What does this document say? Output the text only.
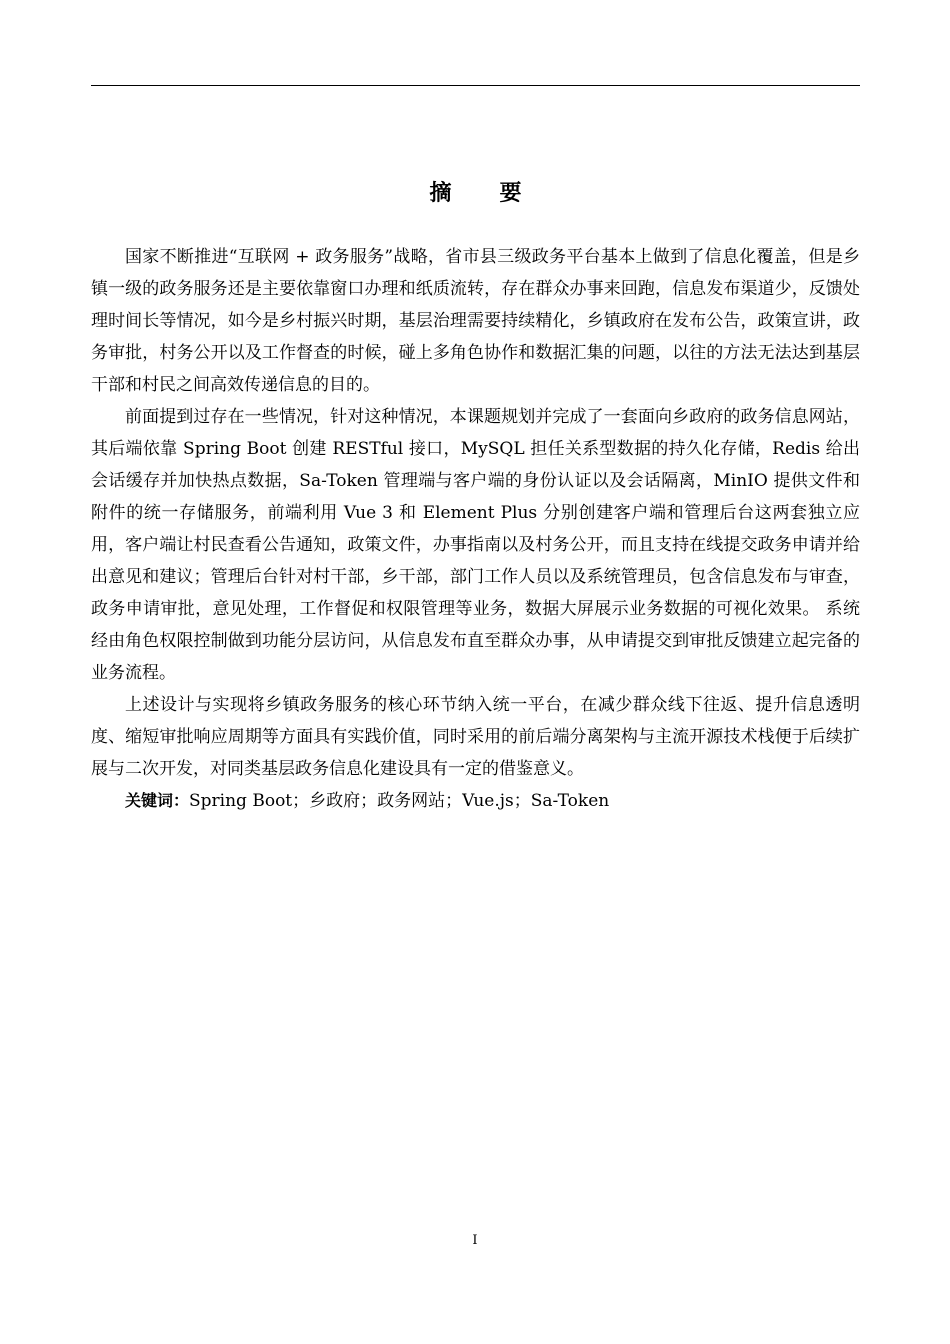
摘要

国家不断推进“互联网 + 政务服务”战略，省市县三级政务平台基本上做到了信息化覆盖，但是乡镇一级的政务服务还是主要依靠窗口办理和纸质流转，存在群众办事来回跑，信息发布渠道少，反馈处理时间长等情况，如今是乡村振兴时期，基层治理需要持续精化，乡镇政府在发布公告，政策宣讲，政务审批，村务公开以及工作督查的时候，碰上多角色协作和数据汇集的问题，以往的方法无法达到基层干部和村民之间高效传递信息的目的。

前面提到过存在一些情况，针对这种情况，本课题规划并完成了一套面向乡政府的政务信息网站，其后端依靠 Spring Boot 创建 RESTful 接口，MySQL 担任关系型数据的持久化存储，Redis 给出会话缓存并加快热点数据，Sa-Token 管理端与客户端的身份认证以及会话隔离，MinIO 提供文件和附件的统一存储服务，前端利用 Vue 3 和 Element Plus 分别创建客户端和管理后台这两套独立应用，客户端让村民查看公告通知，政策文件，办事指南以及村务公开，而且支持在线提交政务申请并给出意见和建议；管理后台针对村干部，乡干部，部门工作人员以及系统管理员，包含信息发布与审查，政务申请审批，意见处理，工作督促和权限管理等业务，数据大屏展示业务数据的可视化效果。 系统经由角色权限控制做到功能分层访问，从信息发布直至群众办事，从申请提交到审批反馈建立起完备的业务流程。

上述设计与实现将乡镇政务服务的核心环节纳入统一平台，在减少群众线下往返、提升信息透明度、缩短审批响应周期等方面具有实践价值，同时采用的前后端分离架构与主流开源技术栈便于后续扩展与二次开发，对同类基层政务信息化建设具有一定的借鉴意义。

关键词：Spring Boot；乡政府；政务网站；Vue.js；Sa-Token

I
